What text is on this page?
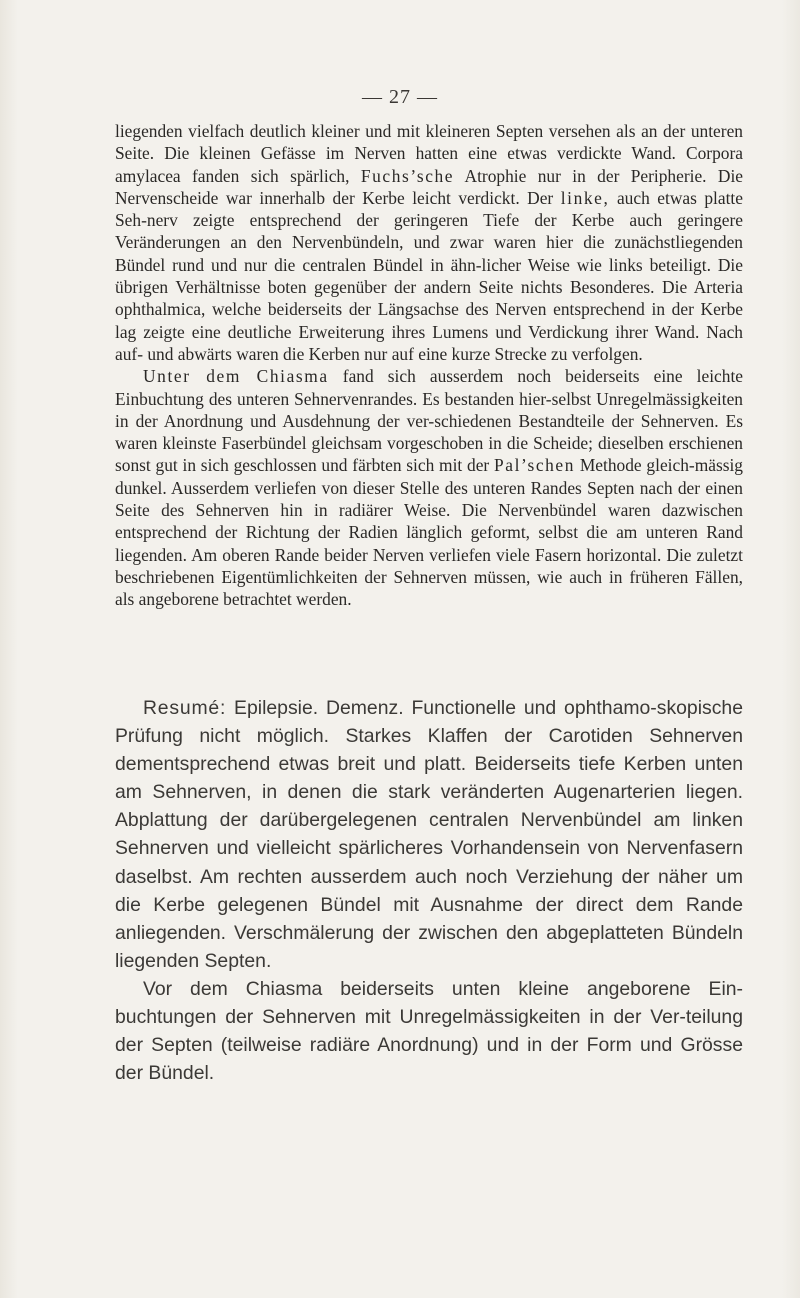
— 27 —

liegenden vielfach deutlich kleiner und mit kleineren Septen versehen als an der unteren Seite. Die kleinen Gefässe im Nerven hatten eine etwas verdickte Wand. Corpora amylacea fanden sich spärlich, Fuchs’sche Atrophie nur in der Peripherie. Die Nervenscheide war innerhalb der Kerbe leicht verdickt. Der linke, auch etwas platte Seh-nerv zeigte entsprechend der geringeren Tiefe der Kerbe auch geringere Veränderungen an den Nervenbündeln, und zwar waren hier die zunächstliegenden Bündel rund und nur die centralen Bündel in ähn-licher Weise wie links beteiligt. Die übrigen Verhältnisse boten gegenüber der andern Seite nichts Besonderes. Die Arteria ophthalmica, welche beiderseits der Längsachse des Nerven entsprechend in der Kerbe lag zeigte eine deutliche Erweiterung ihres Lumens und Verdickung ihrer Wand. Nach auf- und abwärts waren die Kerben nur auf eine kurze Strecke zu verfolgen.

Unter dem Chiasma fand sich ausserdem noch beiderseits eine leichte Einbuchtung des unteren Sehnervenrandes. Es bestanden hier-selbst Unregelmässigkeiten in der Anordnung und Ausdehnung der ver-schiedenen Bestandteile der Sehnerven. Es waren kleinste Faserbündel gleichsam vorgeschoben in die Scheide; dieselben erschienen sonst gut in sich geschlossen und färbten sich mit der Pal’schen Methode gleich-mässig dunkel. Ausserdem verliefen von dieser Stelle des unteren Randes Septen nach der einen Seite des Sehnerven hin in radiärer Weise. Die Nervenbündel waren dazwischen entsprechend der Richtung der Radien länglich geformt, selbst die am unteren Rand liegenden. Am oberen Rande beider Nerven verliefen viele Fasern horizontal. Die zuletzt beschriebenen Eigentümlichkeiten der Sehnerven müssen, wie auch in früheren Fällen, als angeborene betrachtet werden.

Resumé: Epilepsie. Demenz. Functionelle und ophthamo-skopische Prüfung nicht möglich. Starkes Klaffen der Carotiden Sehnerven dementsprechend etwas breit und platt. Beiderseits tiefe Kerben unten am Sehnerven, in denen die stark veränderten Augenarterien liegen. Abplattung der darübergelegenen centralen Nervenbündel am linken Sehnerven und vielleicht spärlicheres Vorhandensein von Nervenfasern daselbst. Am rechten ausserdem auch noch Verziehung der näher um die Kerbe gelegenen Bündel mit Ausnahme der direct dem Rande anliegenden. Verschmälerung der zwischen den abgeplatteten Bündeln liegenden Septen.

Vor dem Chiasma beiderseits unten kleine angeborene Ein-buchtungen der Sehnerven mit Unregelmässigkeiten in der Ver-teilung der Septen (teilweise radiäre Anordnung) und in der Form und Grösse der Bündel.
